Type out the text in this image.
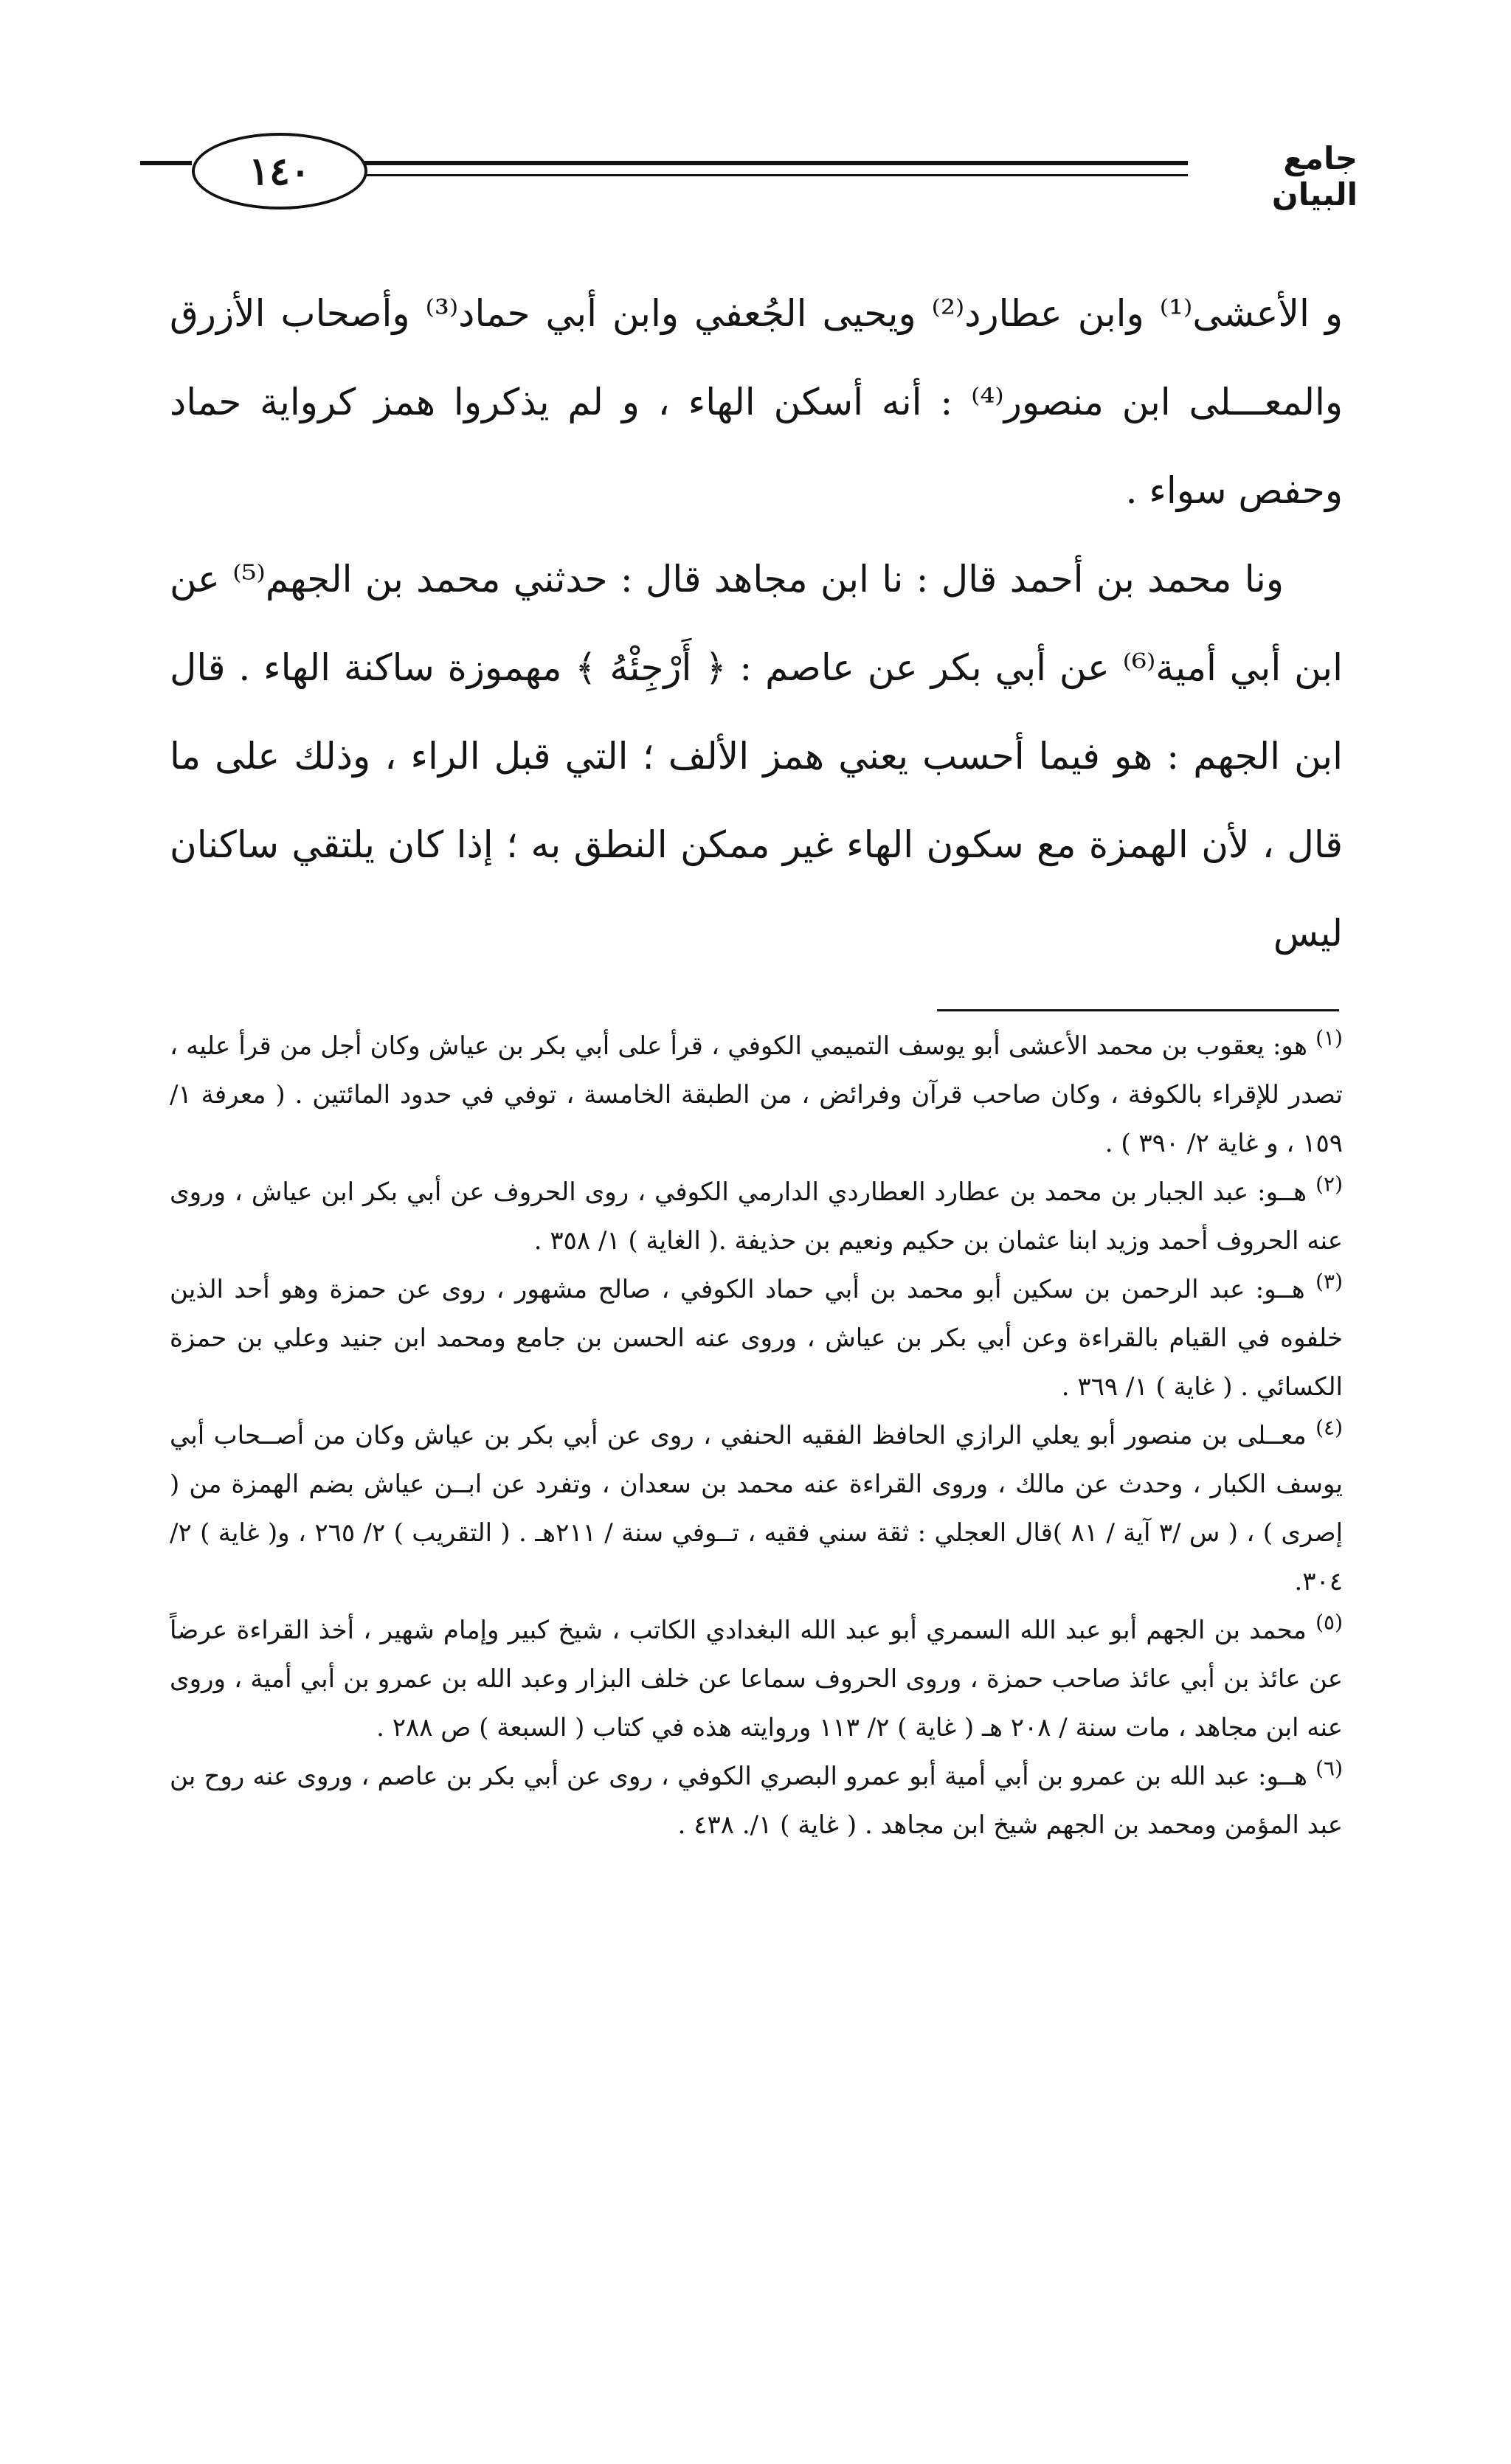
١٤٠	جامع البيان

و الأعشى⁽¹⁾ وابن عطارد⁽²⁾ ويحيى الجُعفي وابن أبي حماد⁽³⁾ وأصحاب الأزرق والمعـــلى ابن منصور⁽⁴⁾ : أنه أسكن الهاء ، و لم يذكروا همز كرواية حماد وحفص سواء .

ونا محمد بن أحمد قال : نا ابن مجاهد قال : حدثني محمد بن الجهم⁽⁵⁾ عن ابن أبي أمية⁽⁶⁾ عن أبي بكر عن عاصم : ﴿ أَرْجِئْهُ ﴾ مهموزة ساكنة الهاء . قال ابن الجهم : هو فيما أحسب يعني همز الألف ؛ التي قبل الراء ، وذلك على ما قال ، لأن الهمزة مع سكون الهاء غير ممكن النطق به ؛ إذا كان يلتقي ساكنان ليس

$^{(١)}$ هو: يعقوب بن محمد الأعشى أبو يوسف التميمي الكوفي ، قرأ على أبي بكر بن عياش وكان أجل من قرأ عليه ، تصدر للإقراء بالكوفة ، وكان صاحب قرآن وفرائض ، من الطبقة الخامسة ، توفي في حدود المائتين . ( معرفة ١/ ١٥٩ ، و غاية ٢/ ٣٩٠ ) .

$^{(٢)}$ هــو: عبد الجبار بن محمد بن عطارد العطاردي الدارمي الكوفي ، روى الحروف عن أبي بكر ابن عياش ، وروى عنه الحروف أحمد وزيد ابنا عثمان بن حكيم ونعيم بن حذيفة .( الغاية ) ١/ ٣٥٨ .

$^{(٣)}$ هــو: عبد الرحمن بن سكين أبو محمد بن أبي حماد الكوفي ، صالح مشهور ، روى عن حمزة وهو أحد الذين خلفوه في القيام بالقراءة وعن أبي بكر بن عياش ، وروى عنه الحسن بن جامع ومحمد ابن جنيد وعلي بن حمزة الكسائي . ( غاية ) ١/ ٣٦٩ .

$^{(٤)}$ معــلى بن منصور أبو يعلي الرازي الحافظ الفقيه الحنفي ، روى عن أبي بكر بن عياش وكان من أصــحاب أبي يوسف الكبار ، وحدث عن مالك ، وروى القراءة عنه محمد بن سعدان ، وتفرد عن ابــن عياش بضم الهمزة من ( إصرى ) ، ( س /٣ آية / ٨١ )قال العجلي : ثقة سني فقيه ، تــوفي سنة / ٢١١هـ . ( التقريب ) ٢/ ٢٦٥ ، و( غاية ) ٢/ ٣٠٤.

$^{(٥)}$ محمد بن الجهم أبو عبد الله السمري أبو عبد الله البغدادي الكاتب ، شيخ كبير وإمام شهير ، أخذ القراءة عرضاً عن عائذ بن أبي عائذ صاحب حمزة ، وروى الحروف سماعا عن خلف البزار وعبد الله بن عمرو بن أبي أمية ، وروى عنه ابن مجاهد ، مات سنة / ٢٠٨ هـ ( غاية ) ٢/ ١١٣ وروايته هذه في كتاب ( السبعة ) ص ٢٨٨ .

$^{(٦)}$ هــو: عبد الله بن عمرو بن أبي أمية أبو عمرو البصري الكوفي ، روى عن أبي بكر بن عاصم ، وروى عنه روح بن عبد المؤمن ومحمد بن الجهم شيخ ابن مجاهد . ( غاية ) ١/. ٤٣٨ .
